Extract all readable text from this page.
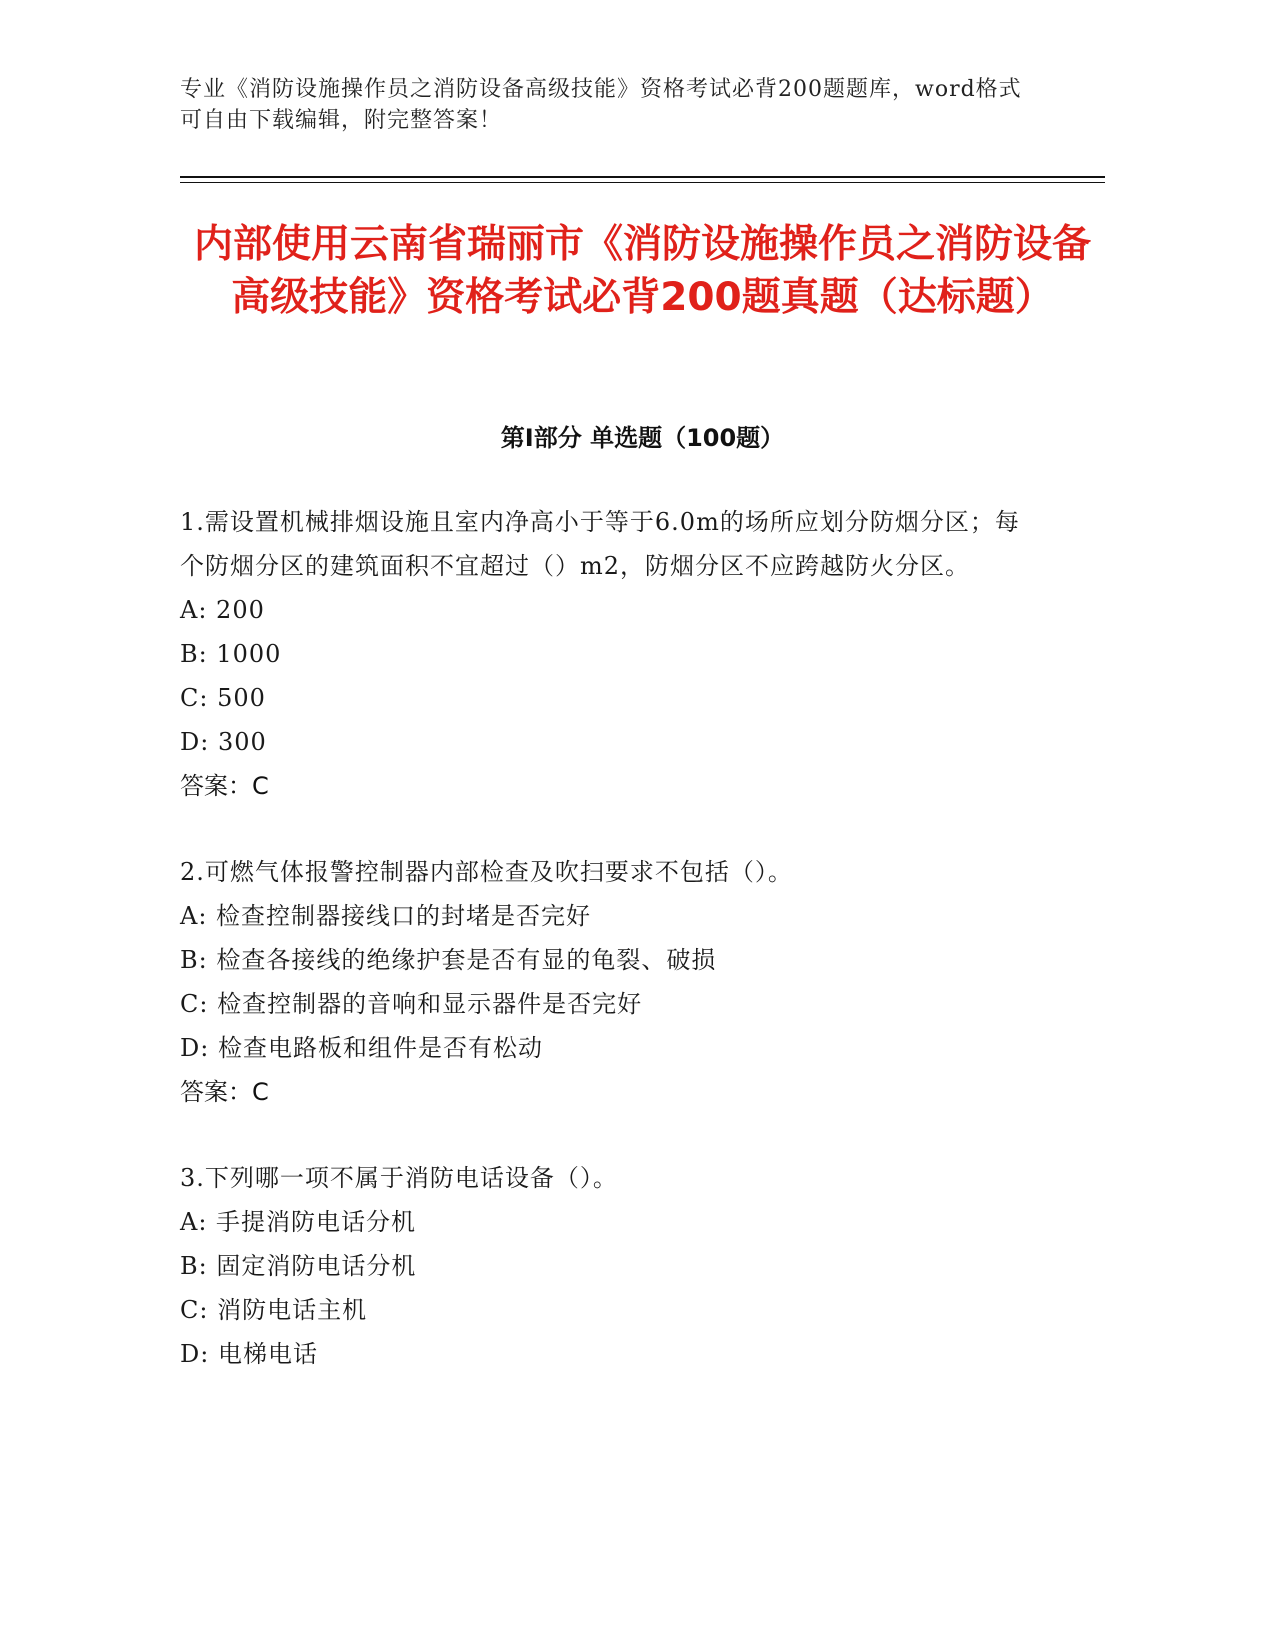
专业《消防设施操作员之消防设备高级技能》资格考试必背200题题库，word格式可自由下载编辑，附完整答案！
内部使用云南省瑞丽市《消防设施操作员之消防设备高级技能》资格考试必背200题真题（达标题）
第Ⅰ部分 单选题（100题）
1.需设置机械排烟设施且室内净高小于等于6.0m的场所应划分防烟分区；每个防烟分区的建筑面积不宜超过（）m2，防烟分区不应跨越防火分区。
A: 200
B: 1000
C: 500
D: 300
答案：C
2.可燃气体报警控制器内部检查及吹扫要求不包括（）。
A: 检查控制器接线口的封堵是否完好
B: 检查各接线的绝缘护套是否有显的龟裂、破损
C: 检查控制器的音响和显示器件是否完好
D: 检查电路板和组件是否有松动
答案：C
3.下列哪一项不属于消防电话设备（）。
A: 手提消防电话分机
B: 固定消防电话分机
C: 消防电话主机
D: 电梯电话
